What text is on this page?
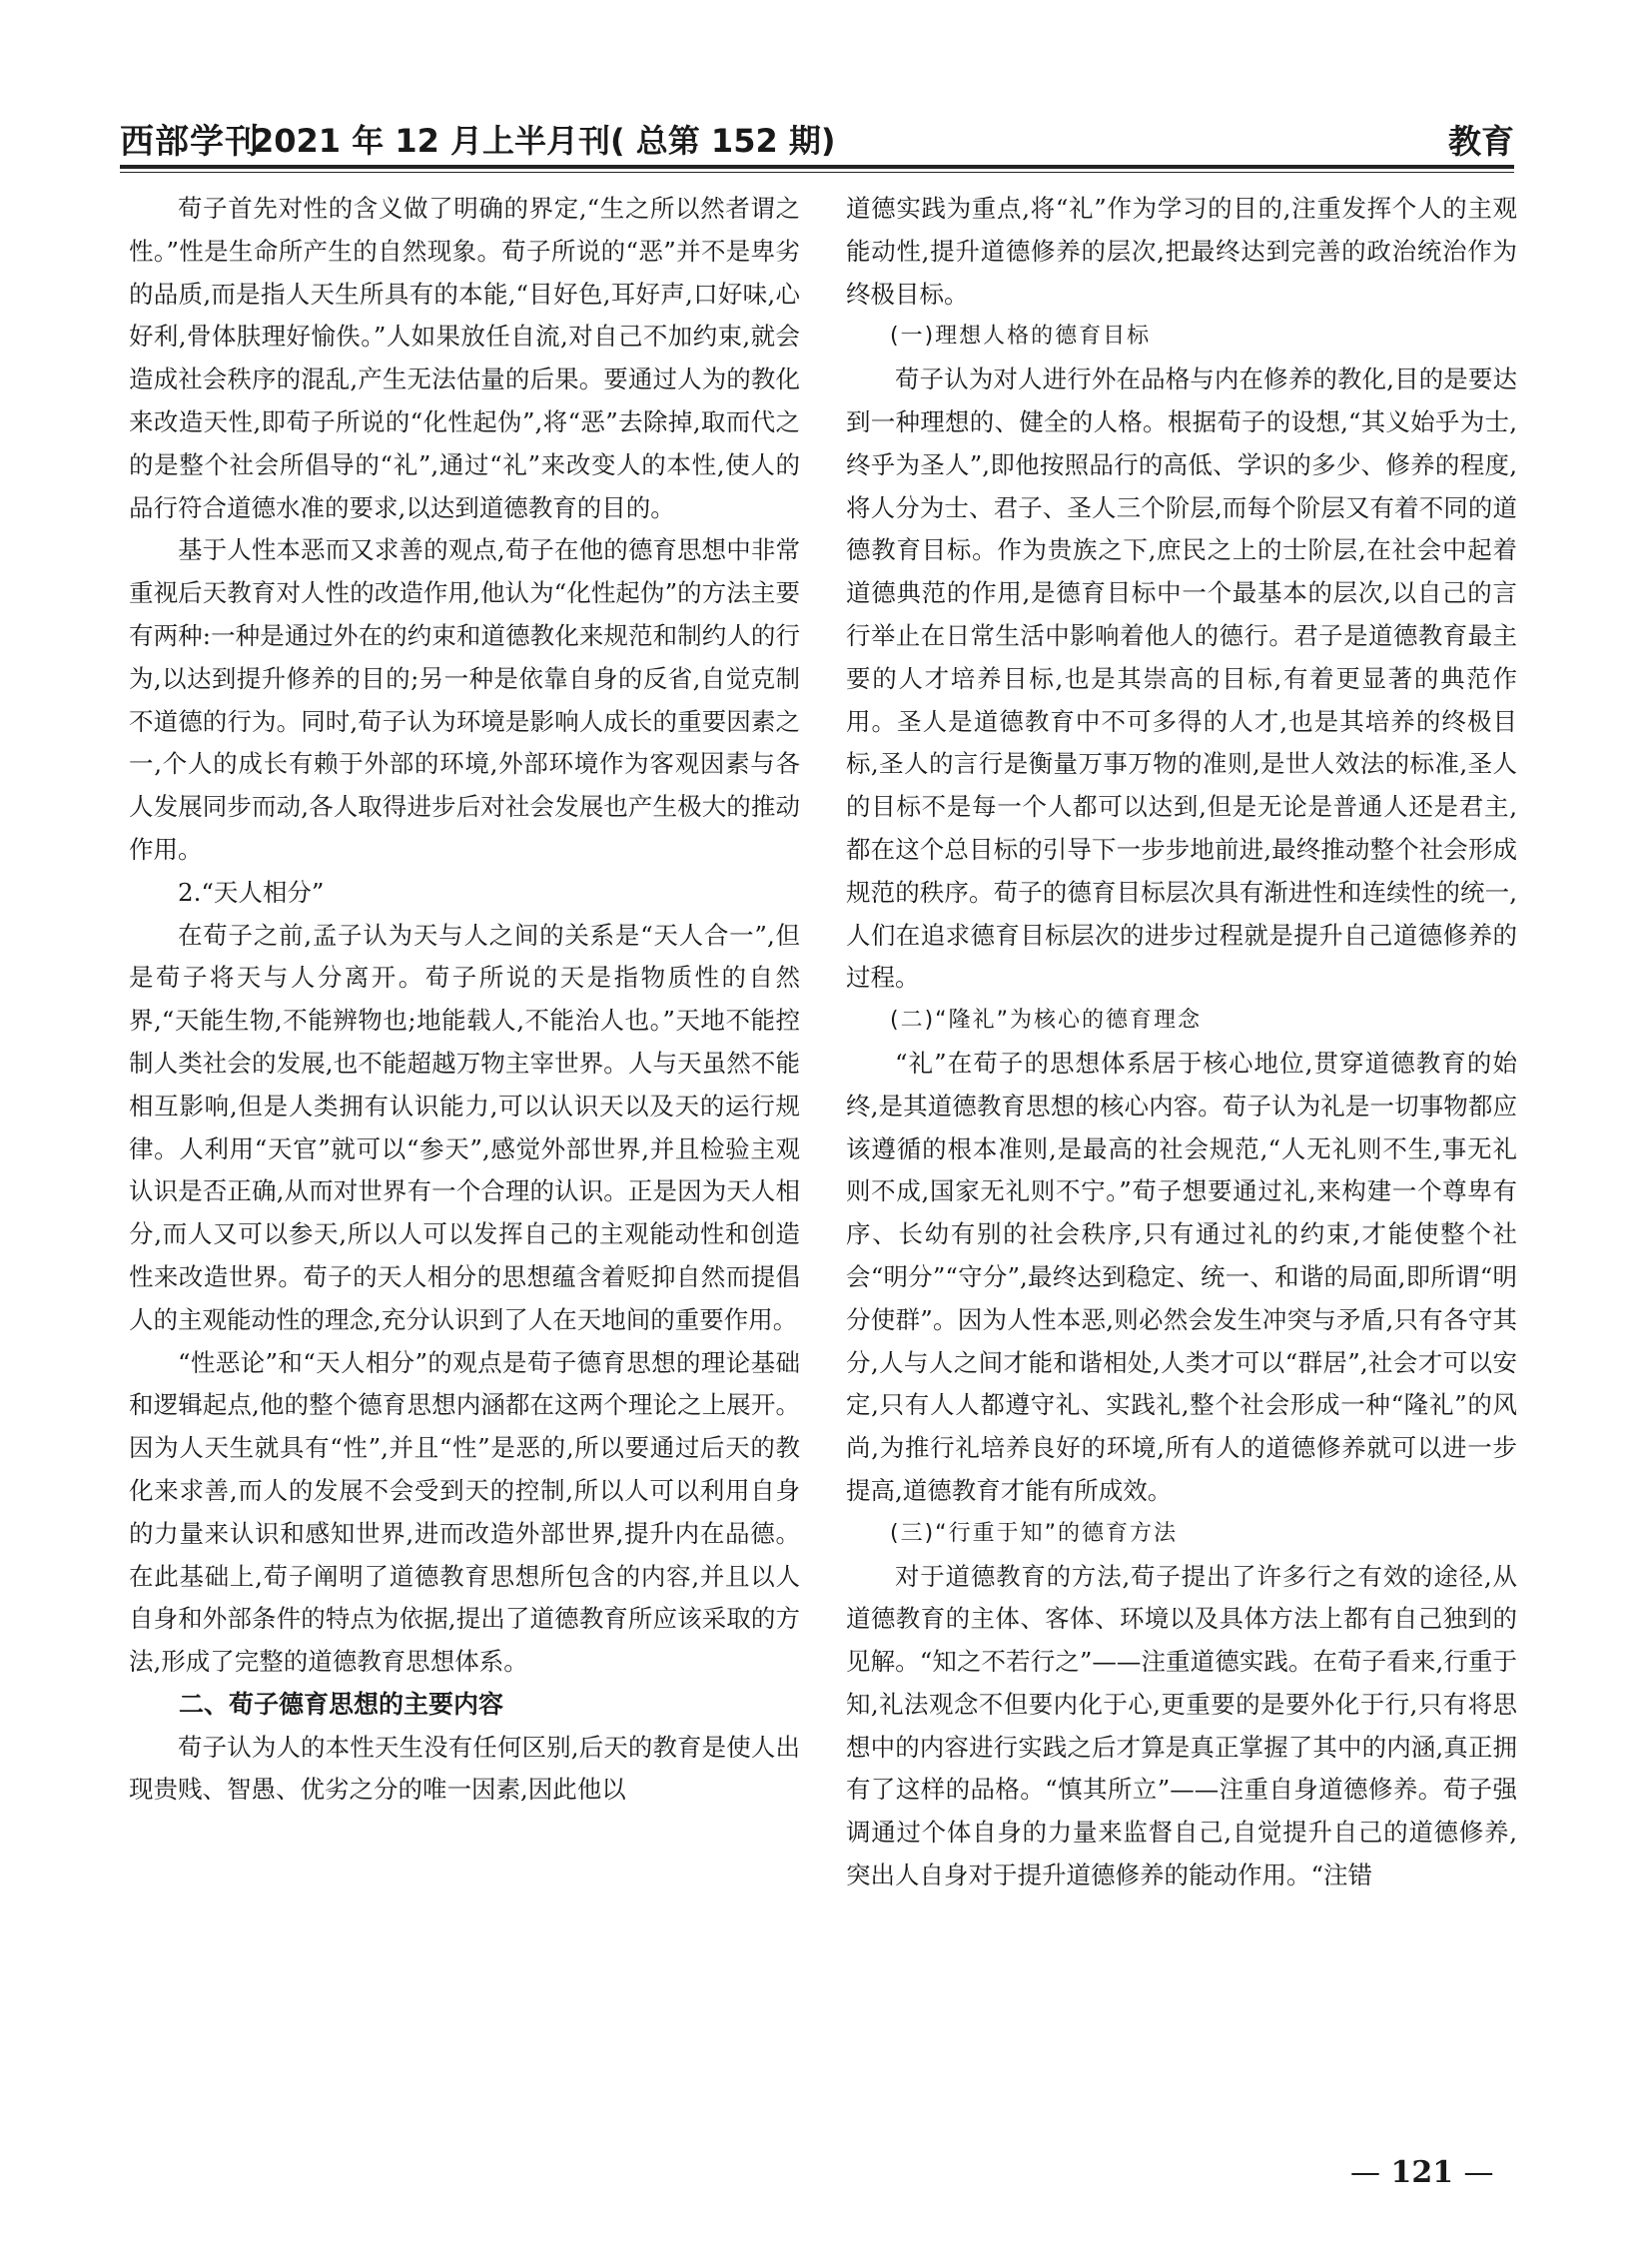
西部学刊
2021 年 12 月上半月刊( 总第 152 期)	教育

荀子首先对性的含义做了明确的界定,“生之所以然者谓之性。”性是生命所产生的自然现象。荀子所说的“恶”并不是卑劣的品质,而是指人天生所具有的本能,“目好色,耳好声,口好味,心好利,骨体肤理好愉佚。”人如果放任自流,对自己不加约束,就会造成社会秩序的混乱,产生无法估量的后果。要通过人为的教化来改造天性,即荀子所说的“化性起伪”,将“恶”去除掉,取而代之的是整个社会所倡导的“礼”,通过“礼”来改变人的本性,使人的品行符合道德水准的要求,以达到道德教育的目的。

基于人性本恶而又求善的观点,荀子在他的德育思想中非常重视后天教育对人性的改造作用,他认为“化性起伪”的方法主要有两种:一种是通过外在的约束和道德教化来规范和制约人的行为,以达到提升修养的目的;另一种是依靠自身的反省,自觉克制不道德的行为。同时,荀子认为环境是影响人成长的重要因素之一,个人的成长有赖于外部的环境,外部环境作为客观因素与各人发展同步而动,各人取得进步后对社会发展也产生极大的推动作用。

2.“天人相分”

在荀子之前,孟子认为天与人之间的关系是“天人合一”,但是荀子将天与人分离开。荀子所说的天是指物质性的自然界,“天能生物,不能辨物也;地能载人,不能治人也。”天地不能控制人类社会的发展,也不能超越万物主宰世界。人与天虽然不能相互影响,但是人类拥有认识能力,可以认识天以及天的运行规律。人利用“天官”就可以“参天”,感觉外部世界,并且检验主观认识是否正确,从而对世界有一个合理的认识。正是因为天人相分,而人又可以参天,所以人可以发挥自己的主观能动性和创造性来改造世界。荀子的天人相分的思想蕴含着贬抑自然而提倡人的主观能动性的理念,充分认识到了人在天地间的重要作用。

“性恶论”和“天人相分”的观点是荀子德育思想的理论基础和逻辑起点,他的整个德育思想内涵都在这两个理论之上展开。因为人天生就具有“性”,并且“性”是恶的,所以要通过后天的教化来求善,而人的发展不会受到天的控制,所以人可以利用自身的力量来认识和感知世界,进而改造外部世界,提升内在品德。在此基础上,荀子阐明了道德教育思想所包含的内容,并且以人自身和外部条件的特点为依据,提出了道德教育所应该采取的方法,形成了完整的道德教育思想体系。

二、荀子德育思想的主要内容

荀子认为人的本性天生没有任何区别,后天的教育是使人出现贵贱、智愚、优劣之分的唯一因素,因此他以

道德实践为重点,将“礼”作为学习的目的,注重发挥个人的主观能动性,提升道德修养的层次,把最终达到完善的政治统治作为终极目标。

(一)理想人格的德育目标

荀子认为对人进行外在品格与内在修养的教化,目的是要达到一种理想的、健全的人格。根据荀子的设想,“其义始乎为士,终乎为圣人”,即他按照品行的高低、学识的多少、修养的程度,将人分为士、君子、圣人三个阶层,而每个阶层又有着不同的道德教育目标。作为贵族之下,庶民之上的士阶层,在社会中起着道德典范的作用,是德育目标中一个最基本的层次,以自己的言行举止在日常生活中影响着他人的德行。君子是道德教育最主要的人才培养目标,也是其崇高的目标,有着更显著的典范作用。圣人是道德教育中不可多得的人才,也是其培养的终极目标,圣人的言行是衡量万事万物的准则,是世人效法的标准,圣人的目标不是每一个人都可以达到,但是无论是普通人还是君主,都在这个总目标的引导下一步步地前进,最终推动整个社会形成规范的秩序。荀子的德育目标层次具有渐进性和连续性的统一,人们在追求德育目标层次的进步过程就是提升自己道德修养的过程。

(二)“隆礼”为核心的德育理念

“礼”在荀子的思想体系居于核心地位,贯穿道德教育的始终,是其道德教育思想的核心内容。荀子认为礼是一切事物都应该遵循的根本准则,是最高的社会规范,“人无礼则不生,事无礼则不成,国家无礼则不宁。”荀子想要通过礼,来构建一个尊卑有序、长幼有别的社会秩序,只有通过礼的约束,才能使整个社会“明分”“守分”,最终达到稳定、统一、和谐的局面,即所谓“明分使群”。因为人性本恶,则必然会发生冲突与矛盾,只有各守其分,人与人之间才能和谐相处,人类才可以“群居”,社会才可以安定,只有人人都遵守礼、实践礼,整个社会形成一种“隆礼”的风尚,为推行礼培养良好的环境,所有人的道德修养就可以进一步提高,道德教育才能有所成效。

(三)“行重于知”的德育方法

对于道德教育的方法,荀子提出了许多行之有效的途径,从道德教育的主体、客体、环境以及具体方法上都有自己独到的见解。“知之不若行之”——注重道德实践。在荀子看来,行重于知,礼法观念不但要内化于心,更重要的是要外化于行,只有将思想中的内容进行实践之后才算是真正掌握了其中的内涵,真正拥有了这样的品格。“慎其所立”——注重自身道德修养。荀子强调通过个体自身的力量来监督自己,自觉提升自己的道德修养,突出人自身对于提升道德修养的能动作用。“注错

— 121 —
